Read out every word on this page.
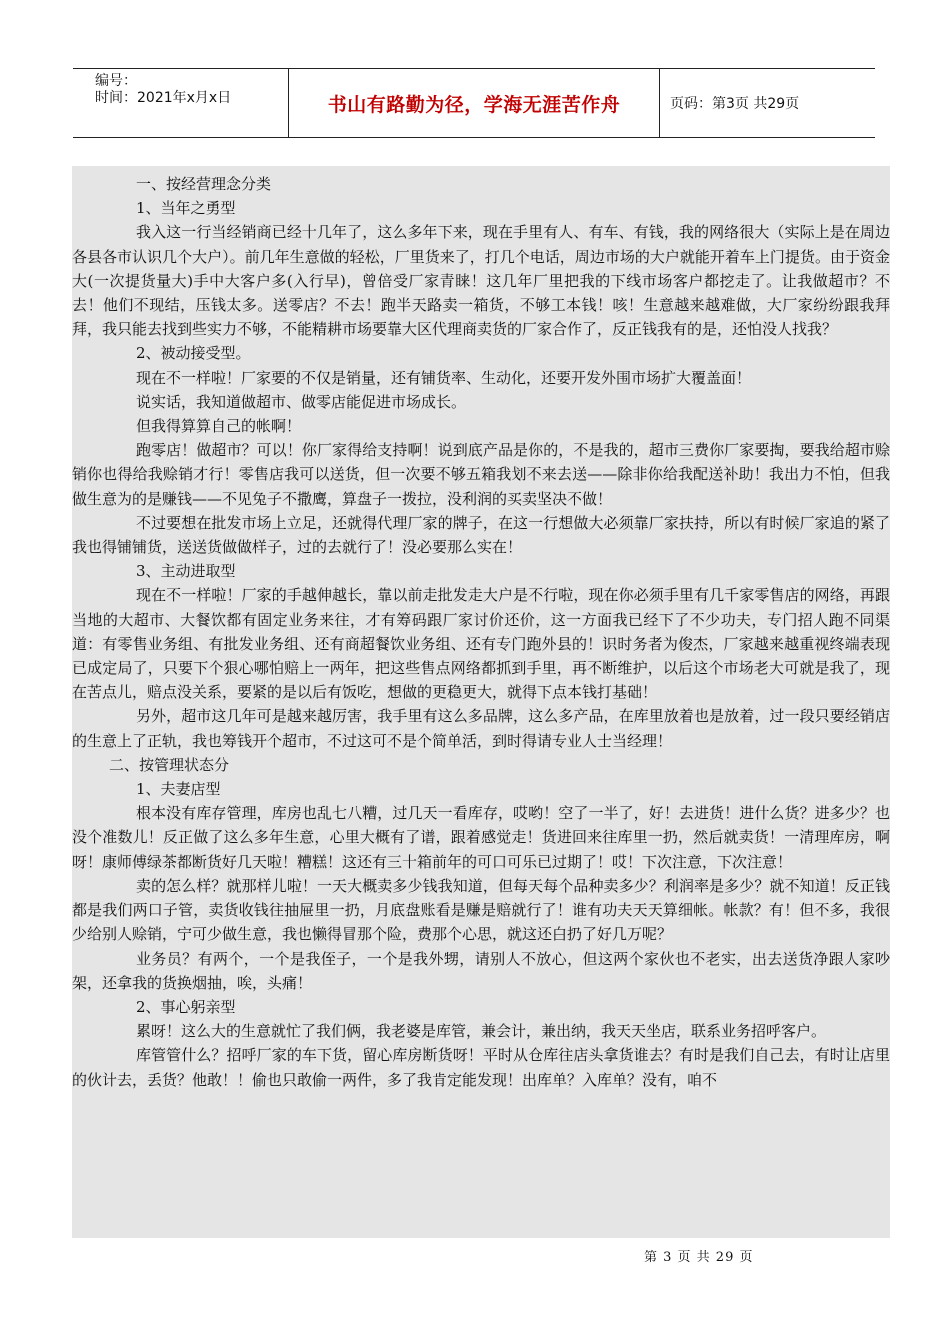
编号：
时间：2021年x月x日	书山有路勤为径，学海无涯苦作舟	页码：第3页 共29页

一、按经营理念分类

1、当年之勇型

我入这一行当经销商已经十几年了，这么多年下来，现在手里有人、有车、有钱，我的网络很大（实际上是在周边各县各市认识几个大户）。前几年生意做的轻松，厂里货来了，打几个电话，周边市场的大户就能开着车上门提货。由于资金大(一次提货量大)手中大客户多(入行早)，曾倍受厂家青睐！这几年厂里把我的下线市场客户都挖走了。让我做超市？不去！他们不现结，压钱太多。送零店？不去！跑半天路卖一箱货，不够工本钱！咳！生意越来越难做，大厂家纷纷跟我拜拜，我只能去找到些实力不够，不能精耕市场要靠大区代理商卖货的厂家合作了，反正钱我有的是，还怕没人找我？

2、被动接受型。

现在不一样啦！厂家要的不仅是销量，还有铺货率、生动化，还要开发外围市场扩大覆盖面！

说实话，我知道做超市、做零店能促进市场成长。

但我得算算自己的帐啊！

跑零店！做超市？可以！你厂家得给支持啊！说到底产品是你的，不是我的，超市三费你厂家要掏，要我给超市赊销你也得给我赊销才行！零售店我可以送货，但一次要不够五箱我划不来去送——除非你给我配送补助！我出力不怕，但我做生意为的是赚钱——不见兔子不撒鹰，算盘子一拨拉，没利润的买卖坚决不做！

不过要想在批发市场上立足，还就得代理厂家的牌子，在这一行想做大必须靠厂家扶持，所以有时候厂家追的紧了我也得铺铺货，送送货做做样子，过的去就行了！没必要那么实在！

3、主动进取型

现在不一样啦！厂家的手越伸越长，靠以前走批发走大户是不行啦，现在你必须手里有几千家零售店的网络，再跟当地的大超市、大餐饮都有固定业务来往，才有筹码跟厂家讨价还价，这一方面我已经下了不少功夫，专门招人跑不同渠道：有零售业务组、有批发业务组、还有商超餐饮业务组、还有专门跑外县的！识时务者为俊杰，厂家越来越重视终端表现已成定局了，只要下个狠心哪怕赔上一两年，把这些售点网络都抓到手里，再不断维护，以后这个市场老大可就是我了，现在苦点儿，赔点没关系，要紧的是以后有饭吃，想做的更稳更大，就得下点本钱打基础！

另外，超市这几年可是越来越厉害，我手里有这么多品牌，这么多产品，在库里放着也是放着，过一段只要经销店的生意上了正轨，我也筹钱开个超市，不过这可不是个简单活，到时得请专业人士当经理！

二、按管理状态分

1、夫妻店型

根本没有库存管理，库房也乱七八糟，过几天一看库存，哎哟！空了一半了，好！去进货！进什么货？进多少？也没个准数儿！反正做了这么多年生意，心里大概有了谱，跟着感觉走！货进回来往库里一扔，然后就卖货！一清理库房，啊呀！康师傅绿茶都断货好几天啦！糟糕！这还有三十箱前年的可口可乐已过期了！哎！下次注意，下次注意！

卖的怎么样？就那样儿啦！一天大概卖多少钱我知道，但每天每个品种卖多少？利润率是多少？就不知道！反正钱都是我们两口子管，卖货收钱往抽屉里一扔，月底盘账看是赚是赔就行了！谁有功夫天天算细帐。帐款？有！但不多，我很少给别人赊销，宁可少做生意，我也懒得冒那个险，费那个心思，就这还白扔了好几万呢？

业务员？有两个，一个是我侄子，一个是我外甥，请别人不放心，但这两个家伙也不老实，出去送货净跟人家吵架，还拿我的货换烟抽，唉，头痛！

2、事心躬亲型

累呀！这么大的生意就忙了我们俩，我老婆是库管，兼会计，兼出纳，我天天坐店，联系业务招呼客户。

库管管什么？招呼厂家的车下货，留心库房断货呀！平时从仓库往店头拿货谁去？有时是我们自己去，有时让店里的伙计去，丢货？他敢！！偷也只敢偷一两件，多了我肯定能发现！出库单？入库单？没有，咱不

第 3 页 共 29 页
